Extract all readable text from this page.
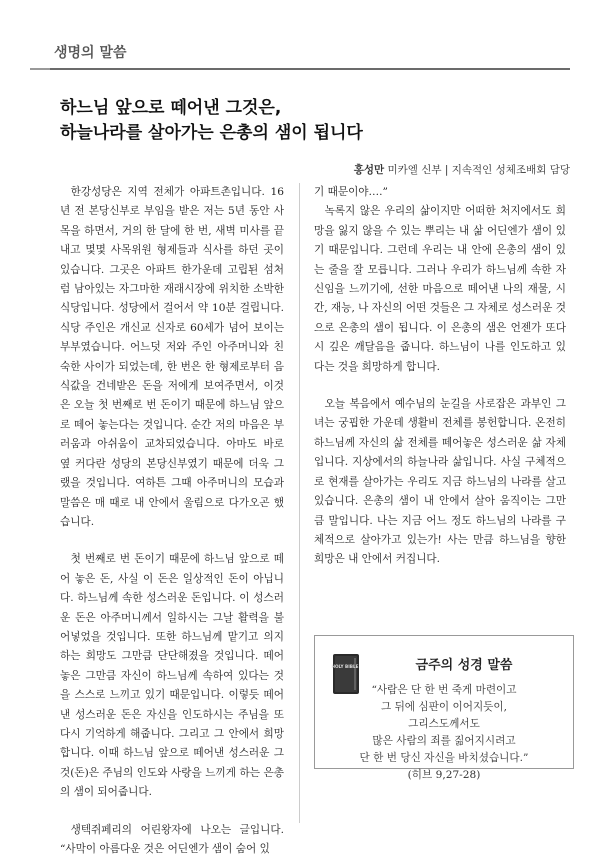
생명의 말씀
하느님 앞으로 떼어낸 그것은,
하늘나라를 살아가는 은총의 샘이 됩니다
홍성만 미카엘 신부 | 지속적인 성체조배회 담당

한강성당은 지역 전체가 아파트촌입니다. 16년 전 본당신부로 부임을 받은 저는 5년 동안 사목을 하면서, 거의 한 달에 한 번, 새벽 미사를 끝내고 몇몇 사목위원 형제들과 식사를 하던 곳이 있습니다. 그곳은 아파트 한가운데 고립된 섬처럼 남아있는 자그마한 재래시장에 위치한 소박한 식당입니다. 성당에서 걸어서 약 10분 걸립니다. 식당 주인은 개신교 신자로 60세가 넘어 보이는 부부였습니다. 어느덧 저와 주인 아주머니와 친숙한 사이가 되었는데, 한 번은 한 형제로부터 음식값을 건네받은 돈을 저에게 보여주면서, 이것은 오늘 첫 번째로 번 돈이기 때문에 하느님 앞으로 떼어 놓는다는 것입니다. 순간 저의 마음은 부러움과 아쉬움이 교차되었습니다. 아마도 바로 옆 커다란 성당의 본당신부였기 때문에 더욱 그랬을 것입니다. 여하튼 그때 아주머니의 모습과 말씀은 매 때로 내 안에서 울림으로 다가오곤 했습니다.

첫 번째로 번 돈이기 때문에 하느님 앞으로 떼어 놓은 돈, 사실 이 돈은 일상적인 돈이 아닙니다. 하느님께 속한 성스러운 돈입니다. 이 성스러운 돈은 아주머니께서 일하시는 그날 활력을 불어넣었을 것입니다. 또한 하느님께 맡기고 의지하는 희망도 그만큼 단단해졌을 것입니다. 떼어 놓은 그만큼 자신이 하느님께 속하여 있다는 것을 스스로 느끼고 있기 때문입니다. 이렇듯 떼어낸 성스러운 돈은 자신을 인도하시는 주님을 또다시 기억하게 해줍니다. 그리고 그 안에서 희망합니다. 이때 하느님 앞으로 떼어낸 성스러운 그것(돈)은 주님의 인도와 사랑을 느끼게 하는 은총의 샘이 되어줍니다.

생텍쥐페리의 어린왕자에 나오는 글입니다. “사막이 아름다운 것은 어딘엔가 샘이 숨어 있

기 때문이야….”

녹록지 않은 우리의 삶이지만 어떠한 처지에서도 희망을 잃지 않을 수 있는 뿌리는 내 삶 어딘엔가 샘이 있기 때문입니다. 그런데 우리는 내 안에 은총의 샘이 있는 줄을 잘 모릅니다. 그러나 우리가 하느님께 속한 자신임을 느끼기에, 선한 마음으로 떼어낸 나의 재물, 시간, 재능, 나 자신의 어떤 것들은 그 자체로 성스러운 것으로 은총의 샘이 됩니다. 이 은총의 샘은 언젠가 또다시 깊은 깨달음을 줍니다. 하느님이 나를 인도하고 있다는 것을 희망하게 합니다.

오늘 복음에서 예수님의 눈길을 사로잡은 과부인 그녀는 궁핍한 가운데 생활비 전체를 봉헌합니다. 온전히 하느님께 자신의 삶 전체를 떼어놓은 성스러운 삶 자체입니다. 지상에서의 하늘나라 삶입니다. 사실 구체적으로 현재를 살아가는 우리도 지금 하느님의 나라를 살고 있습니다. 은총의 샘이 내 안에서 살아 움직이는 그만큼 말입니다. 나는 지금 어느 정도 하느님의 나라를 구체적으로 살아가고 있는가! 사는 만큼 하느님을 향한 희망은 내 안에서 커집니다.

HOLY BIBLE	금주의 성경 말씀
“사람은 단 한 번 죽게 마련이고
그 뒤에 심판이 이어지듯이,
그리스도께서도
많은 사람의 죄를 짊어지시려고
단 한 번 당신 자신을 바치셨습니다.”
(히브 9,27-28)
